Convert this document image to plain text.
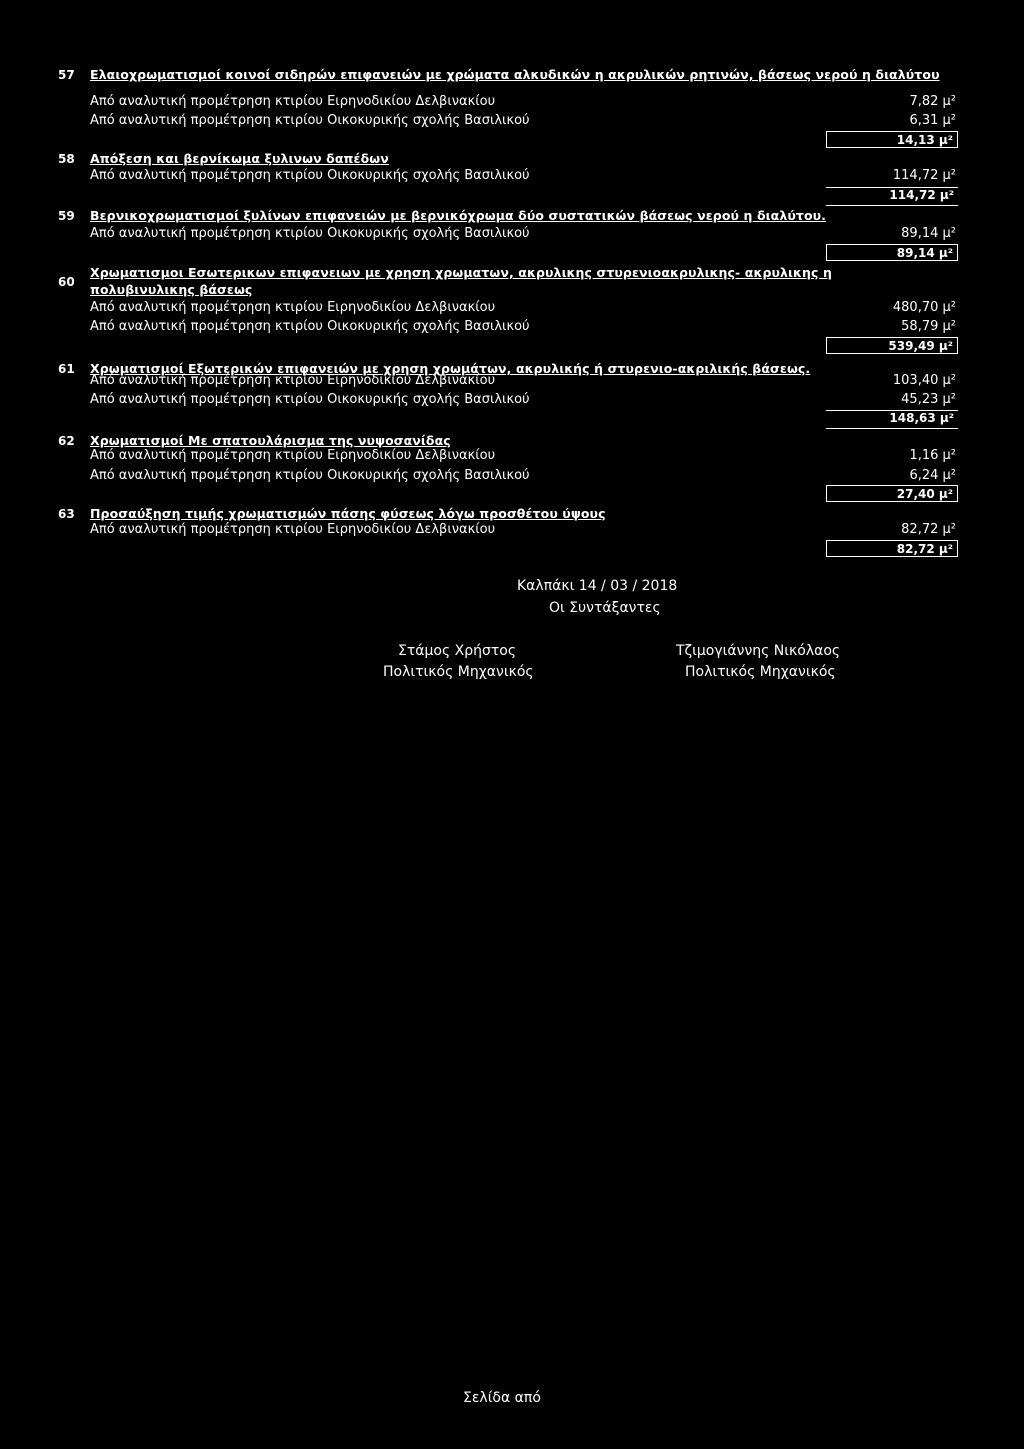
57 Ελαιοχρωματισμοί κοινοί σιδηρών επιφανειών με χρώματα αλκυδικών η ακρυλικών ρητινών, βάσεως νερού η διαλύτου
Από αναλυτική προμέτρηση κτιρίου Ειρηνοδικίου Δελβινακίου	7,82 μ²
Από αναλυτική προμέτρηση κτιρίου Οικοκυρικής σχολής Βασιλικού	6,31 μ²
14,13 μ²
58 Απόξεση και βερνίκωμα ξυλινων δαπέδων
Από αναλυτική προμέτρηση κτιρίου Οικοκυρικής σχολής Βασιλικού	114,72 μ²
114,72 μ²
59 Βερνικοχρωματισμοί ξυλίνων επιφανειών με βερνικόχρωμα δύο συστατικών βάσεως νερού η διαλύτου.
Από αναλυτική προμέτρηση κτιρίου Οικοκυρικής σχολής Βασιλικού	89,14 μ²
89,14 μ²
60
Χρωματισμοι Εσωτερικων επιφανειων με χρηση χρωματων, ακρυλικης στυρενιοακρυλικης- ακρυλικης η πολυβινυλικης βάσεως
Από αναλυτική προμέτρηση κτιρίου Ειρηνοδικίου Δελβινακίου	480,70 μ²
Από αναλυτική προμέτρηση κτιρίου Οικοκυρικής σχολής Βασιλικού	58,79 μ²
539,49 μ²
61 Χρωματισμοί Εξωτερικών επιφανειών με χρηση χρωμάτων, ακρυλικής ή στυρενιο-ακριλικής βάσεως.
Από αναλυτική προμέτρηση κτιρίου Ειρηνοδικίου Δελβινακίου	103,40 μ²
Από αναλυτική προμέτρηση κτιρίου Οικοκυρικής σχολής Βασιλικού	45,23 μ²
148,63 μ²
62 Χρωματισμοί Με σπατουλάρισμα της νυψοσανίδας
Από αναλυτική προμέτρηση κτιρίου Ειρηνοδικίου Δελβινακίου	1,16 μ²
Από αναλυτική προμέτρηση κτιρίου Οικοκυρικής σχολής Βασιλικού	6,24 μ²
27,40 μ²
63 Προσαύξηση τιμής χρωματισμών πάσης φύσεως λόγω προσθέτου ύψους
Από αναλυτική προμέτρηση κτιρίου Ειρηνοδικίου Δελβινακίου	82,72 μ²
82,72 μ²
Καλπάκι 14 / 03 / 2018
Οι Συντάξαντες
Στάμος Χρήστος
Πολιτικός Μηχανικός
Τζιμογιάννης Νικόλαος
Πολιτικός Μηχανικός
Σελίδα από
